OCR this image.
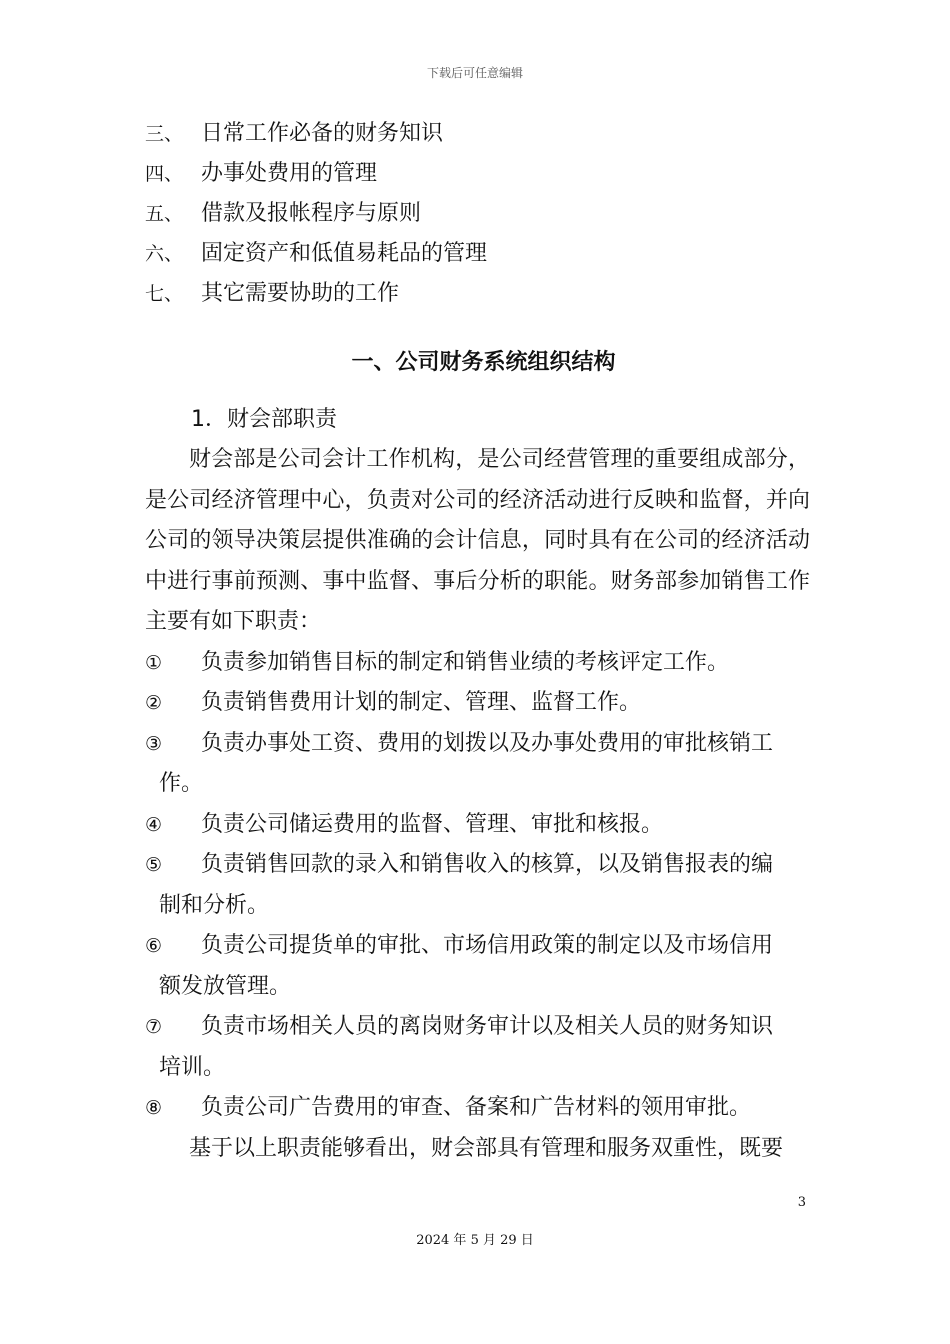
下载后可任意编辑
三、 日常工作必备的财务知识
四、 办事处费用的管理
五、 借款及报帐程序与原则
六、 固定资产和低值易耗品的管理
七、 其它需要协助的工作
一、公司财务系统组织结构
1．财会部职责
财会部是公司会计工作机构，是公司经营管理的重要组成部分，是公司经济管理中心，负责对公司的经济活动进行反映和监督，并向公司的领导决策层提供准确的会计信息，同时具有在公司的经济活动中进行事前预测、事中监督、事后分析的职能。财务部参加销售工作主要有如下职责：
①	负责参加销售目标的制定和销售业绩的考核评定工作。
②	负责销售费用计划的制定、管理、监督工作。
③	负责办事处工资、费用的划拨以及办事处费用的审批核销工
作。
④	负责公司储运费用的监督、管理、审批和核报。
⑤	负责销售回款的录入和销售收入的核算，以及销售报表的编
制和分析。
⑥	负责公司提货单的审批、市场信用政策的制定以及市场信用
额发放管理。
⑦	负责市场相关人员的离岗财务审计以及相关人员的财务知识
培训。
⑧	负责公司广告费用的审查、备案和广告材料的领用审批。
基于以上职责能够看出，财会部具有管理和服务双重性，既要
3
2024 年 5 月 29 日
